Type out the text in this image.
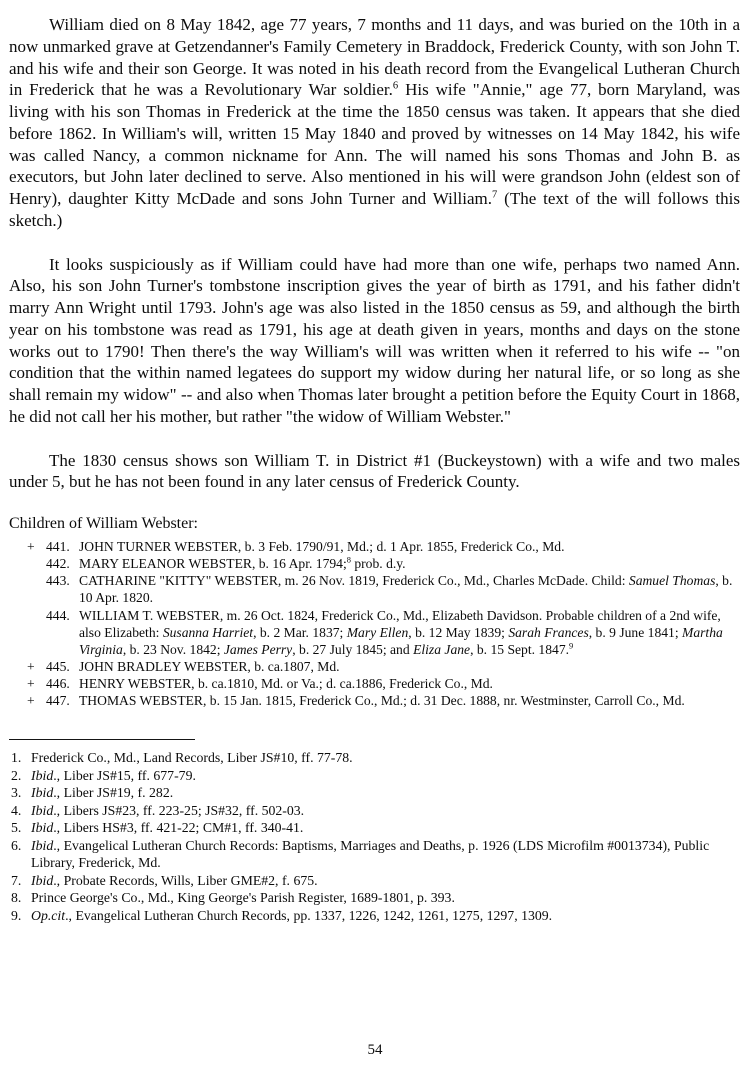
William died on 8 May 1842, age 77 years, 7 months and 11 days, and was buried on the 10th in a now unmarked grave at Getzendanner's Family Cemetery in Braddock, Frederick County, with son John T. and his wife and their son George. It was noted in his death record from the Evangelical Lutheran Church in Frederick that he was a Revolutionary War soldier.$^6$ His wife "Annie," age 77, born Maryland, was living with his son Thomas in Frederick at the time the 1850 census was taken. It appears that she died before 1862. In William's will, written 15 May 1840 and proved by witnesses on 14 May 1842, his wife was called Nancy, a common nickname for Ann. The will named his sons Thomas and John B. as executors, but John later declined to serve. Also mentioned in his will were grandson John (eldest son of Henry), daughter Kitty McDade and sons John Turner and William.$^7$ (The text of the will follows this sketch.)

It looks suspiciously as if William could have had more than one wife, perhaps two named Ann. Also, his son John Turner's tombstone inscription gives the year of birth as 1791, and his father didn't marry Ann Wright until 1793. John's age was also listed in the 1850 census as 59, and although the birth year on his tombstone was read as 1791, his age at death given in years, months and days on the stone works out to 1790! Then there's the way William's will was written when it referred to his wife -- "on condition that the within named legatees do support my widow during her natural life, or so long as she shall remain my widow" -- and also when Thomas later brought a petition before the Equity Court in 1868, he did not call her his mother, but rather "the widow of William Webster."

The 1830 census shows son William T. in District #1 (Buckeystown) with a wife and two males under 5, but he has not been found in any later census of Frederick County.

Children of William Webster:
+ 441. JOHN TURNER WEBSTER, b. 3 Feb. 1790/91, Md.; d. 1 Apr. 1855, Frederick Co., Md.
442. MARY ELEANOR WEBSTER, b. 16 Apr. 1794;$^8$ prob. d.y.
443. CATHARINE "KITTY" WEBSTER, m. 26 Nov. 1819, Frederick Co., Md., Charles McDade. Child: Samuel Thomas, b. 10 Apr. 1820.
444. WILLIAM T. WEBSTER, m. 26 Oct. 1824, Frederick Co., Md., Elizabeth Davidson. Probable children of a 2nd wife, also Elizabeth: Susanna Harriet, b. 2 Mar. 1837; Mary Ellen, b. 12 May 1839; Sarah Frances, b. 9 June 1841; Martha Virginia, b. 23 Nov. 1842; James Perry, b. 27 July 1845; and Eliza Jane, b. 15 Sept. 1847.$^9$
+ 445. JOHN BRADLEY WEBSTER, b. ca.1807, Md.
+ 446. HENRY WEBSTER, b. ca.1810, Md. or Va.; d. ca.1886, Frederick Co., Md.
+ 447. THOMAS WEBSTER, b. 15 Jan. 1815, Frederick Co., Md.; d. 31 Dec. 1888, nr. Westminster, Carroll Co., Md.
1. Frederick Co., Md., Land Records, Liber JS#10, ff. 77-78.
2. Ibid., Liber JS#15, ff. 677-79.
3. Ibid., Liber JS#19, f. 282.
4. Ibid., Libers JS#23, ff. 223-25; JS#32, ff. 502-03.
5. Ibid., Libers HS#3, ff. 421-22; CM#1, ff. 340-41.
6. Ibid., Evangelical Lutheran Church Records: Baptisms, Marriages and Deaths, p. 1926 (LDS Microfilm #0013734), Public Library, Frederick, Md.
7. Ibid., Probate Records, Wills, Liber GME#2, f. 675.
8. Prince George's Co., Md., King George's Parish Register, 1689-1801, p. 393.
9. Op.cit., Evangelical Lutheran Church Records, pp. 1337, 1226, 1242, 1261, 1275, 1297, 1309.
54
